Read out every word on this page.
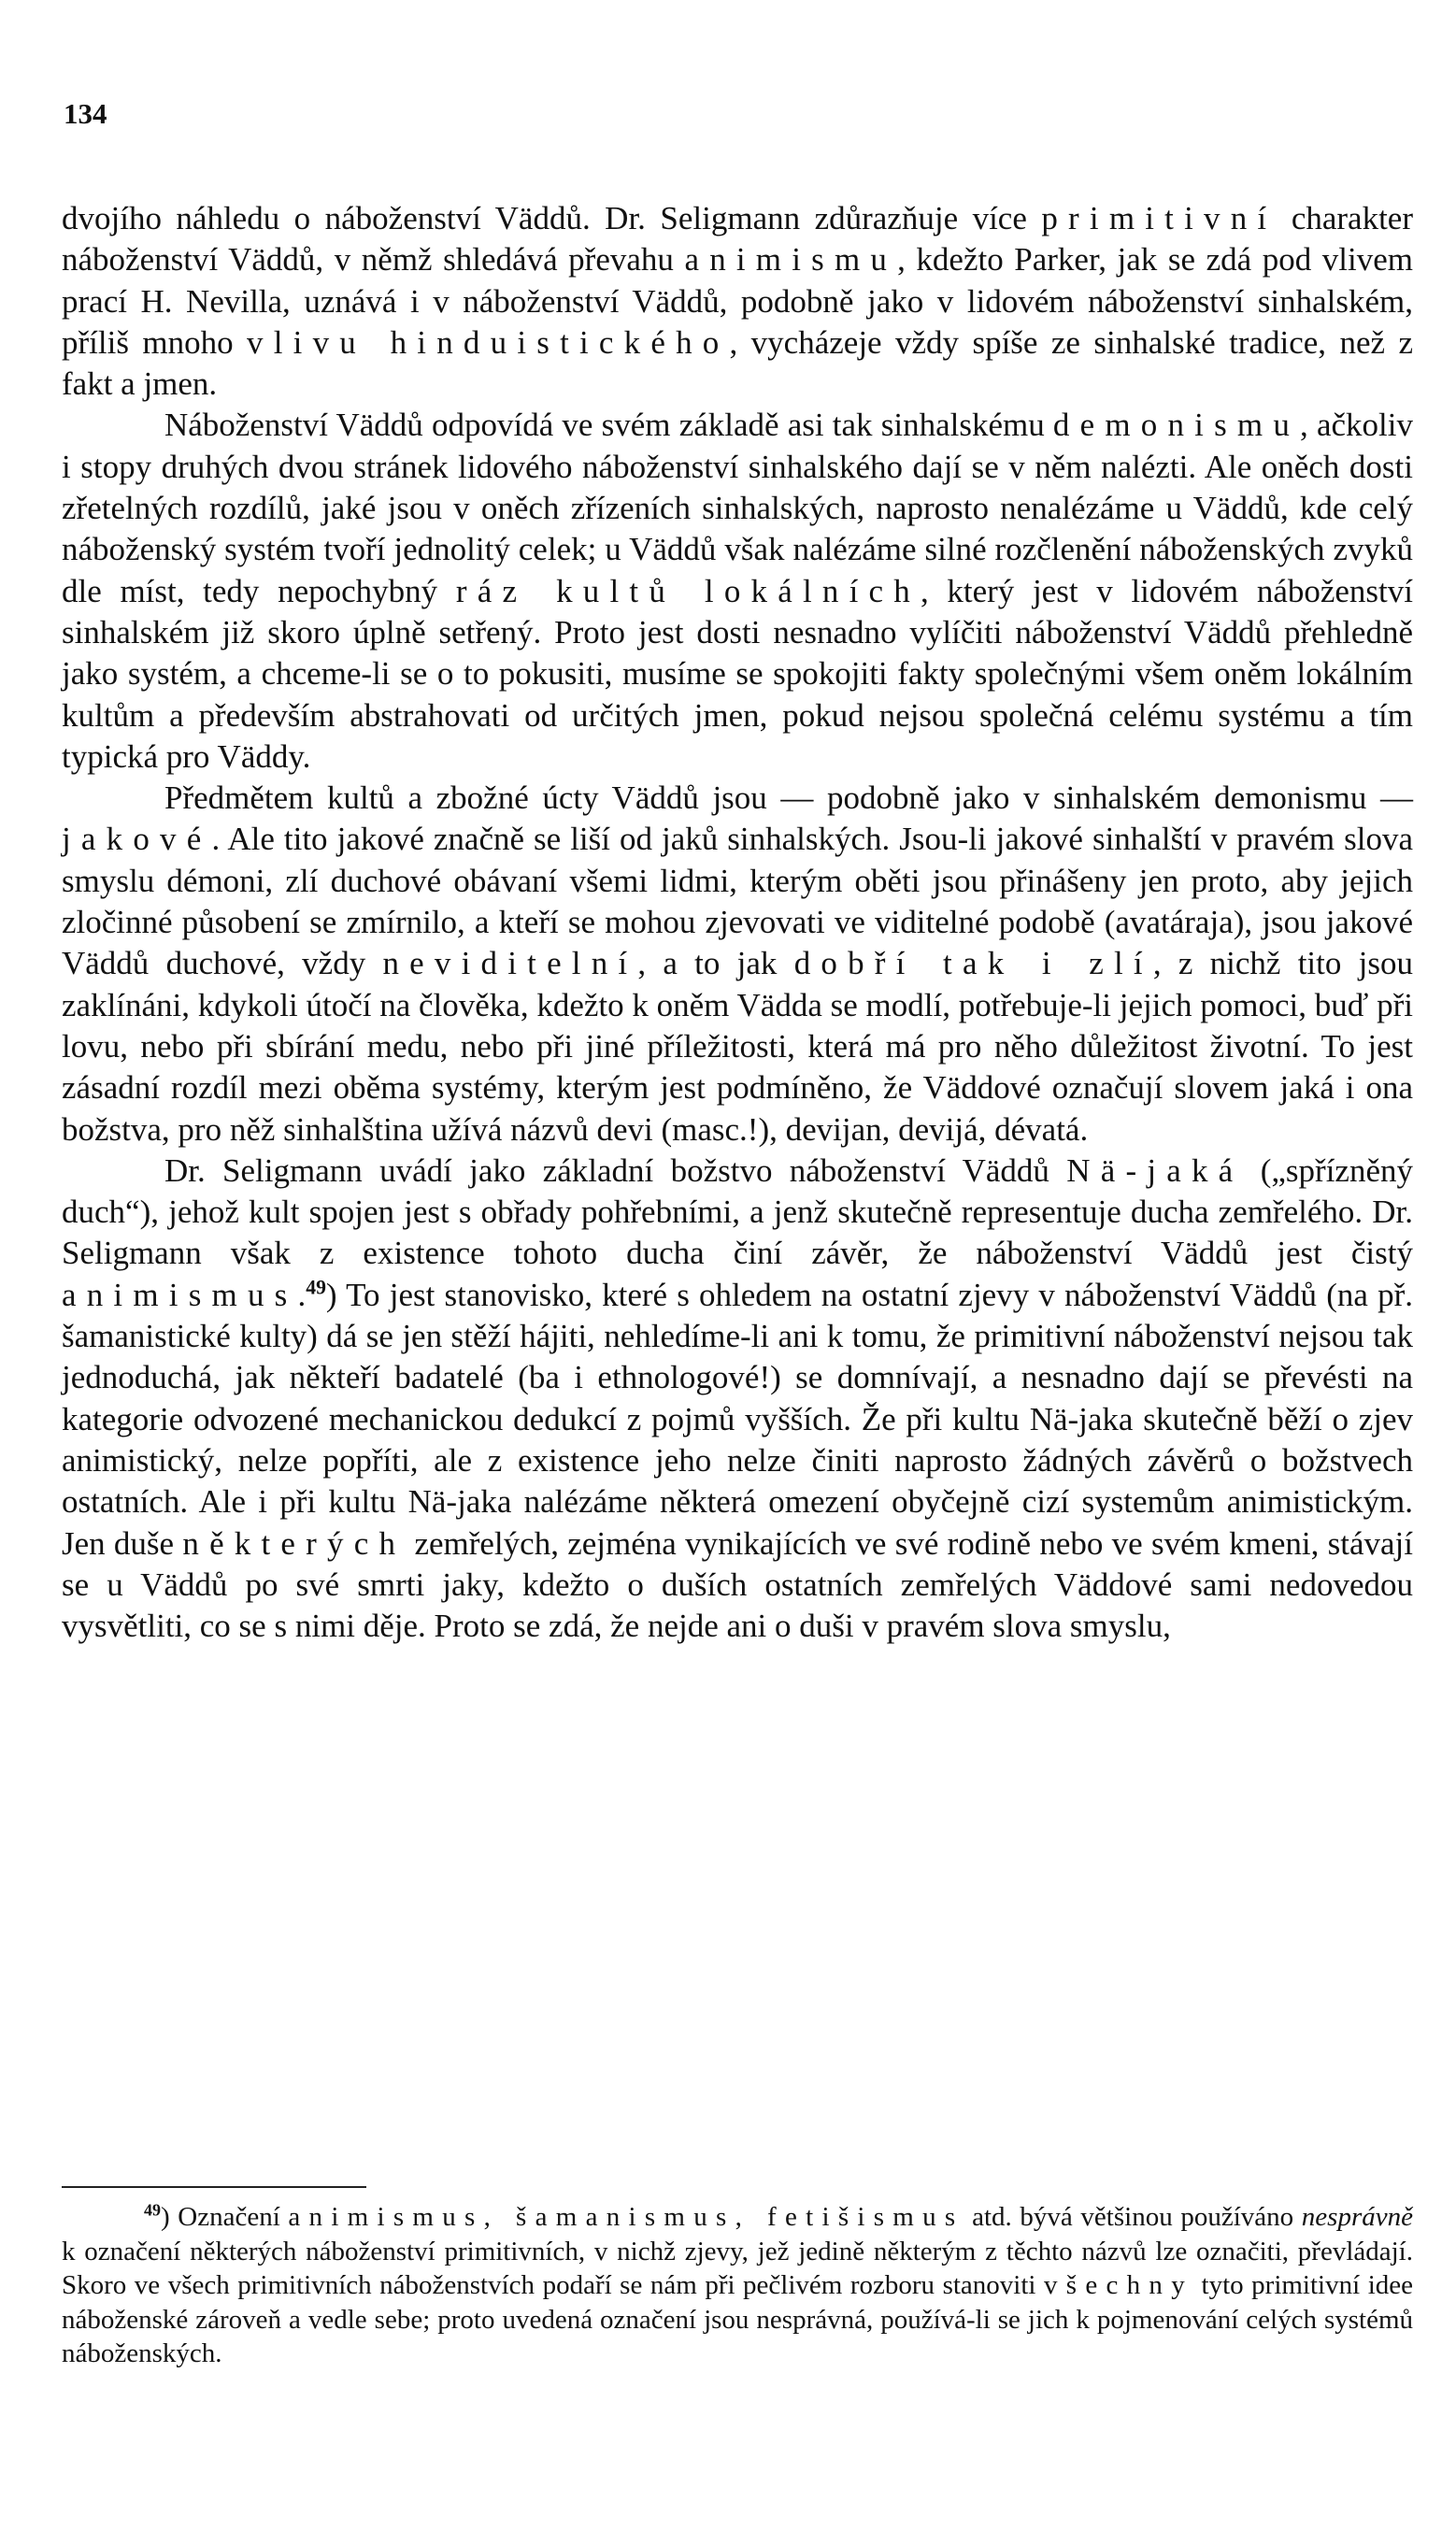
134

dvojího náhledu o náboženství Väddů. Dr. Seligmann zdůrazňuje více primitivní charakter náboženství Väddů, v němž shledává převahu animismu, kdežto Parker, jak se zdá pod vlivem prací H. Nevilla, uznává i v náboženství Väddů, podobně jako v lidovém náboženství sinhalském, příliš mnoho vlivu hinduistického, vycházeje vždy spíše ze sinhalské tradice, než z fakt a jmen.

Náboženství Väddů odpovídá ve svém základě asi tak sinhalskému demonismu, ačkoliv i stopy druhých dvou stránek lidového náboženství sinhalského dají se v něm nalézti. Ale oněch dosti zřetelných rozdílů, jaké jsou v oněch zřízeních sinhalských, naprosto nenalézáme u Väddů, kde celý náboženský systém tvoří jednolitý celek; u Väddů však nalézáme silné rozčlenění náboženských zvyků dle míst, tedy nepochybný ráz kultů lokálních, který jest v lidovém náboženství sinhalském již skoro úplně setřený. Proto jest dosti nesnadno vylíčiti náboženství Väddů přehledně jako systém, a chceme-li se o to pokusiti, musíme se spokojiti fakty společnými všem oněm lokálním kultům a především abstrahovati od určitých jmen, pokud nejsou společná celému systému a tím typická pro Väddy.

Předmětem kultů a zbožné úcty Väddů jsou — podobně jako v sinhalském demonismu — jakové. Ale tito jakové značně se liší od jaků sinhalských. Jsou-li jakové sinhalští v pravém slova smyslu démoni, zlí duchové obávaní všemi lidmi, kterým oběti jsou přinášeny jen proto, aby jejich zločinné působení se zmírnilo, a kteří se mohou zjevovati ve viditelné podobě (avatáraja), jsou jakové Väddů duchové, vždy neviditelní, a to jak dobří tak i zlí, z nichž tito jsou zaklínáni, kdykoli útočí na člověka, kdežto k oněm Vädda se modlí, potřebuje-li jejich pomoci, buď při lovu, nebo při sbírání medu, nebo při jiné příležitosti, která má pro něho důležitost životní. To jest zásadní rozdíl mezi oběma systémy, kterým jest podmíněno, že Väddové označují slovem jaká i ona božstva, pro něž sinhalština užívá názvů devi (masc.!), devijan, devijá, dévatá.

Dr. Seligmann uvádí jako základní božstvo náboženství Väddů Nä-jaká („spřízněný duch“), jehož kult spojen jest s obřady pohřebními, a jenž skutečně representuje ducha zemřelého. Dr. Seligmann však z existence tohoto ducha činí závěr, že náboženství Väddů jest čistý animismus.$^{49}$) To jest stanovisko, které s ohledem na ostatní zjevy v náboženství Väddů (na př. šamanistické kulty) dá se jen stěží hájiti, nehledíme-li ani k tomu, že primitivní náboženství nejsou tak jednoduchá, jak někteří badatelé (ba i ethnologové!) se domnívají, a nesnadno dají se převésti na kategorie odvozené mechanickou dedukcí z pojmů vyšších. Že při kultu Nä-jaka skutečně běží o zjev animistický, nelze popříti, ale z existence jeho nelze činiti naprosto žádných závěrů o božstvech ostatních. Ale i při kultu Nä-jaka nalézáme některá omezení obyčejně cizí systemům animistickým. Jen duše některých zemřelých, zejména vynikajících ve své rodině nebo ve svém kmeni, stávají se u Väddů po své smrti jaky, kdežto o duších ostatních zemřelých Väddové sami nedovedou vysvětliti, co se s nimi děje. Proto se zdá, že nejde ani o duši v pravém slova smyslu,

$^{49}$) Označení animismus, šamanismus, fetišismus atd. bývá většinou používáno nesprávně k označení některých náboženství primitivních, v nichž zjevy, jež jedině některým z těchto názvů lze označiti, převládají. Skoro ve všech primitivních náboženstvích podaří se nám při pečlivém rozboru stanoviti všechny tyto primitivní idee náboženské zároveň a vedle sebe; proto uvedená označení jsou nesprávná, používá-li se jich k pojmenování celých systémů náboženských.
